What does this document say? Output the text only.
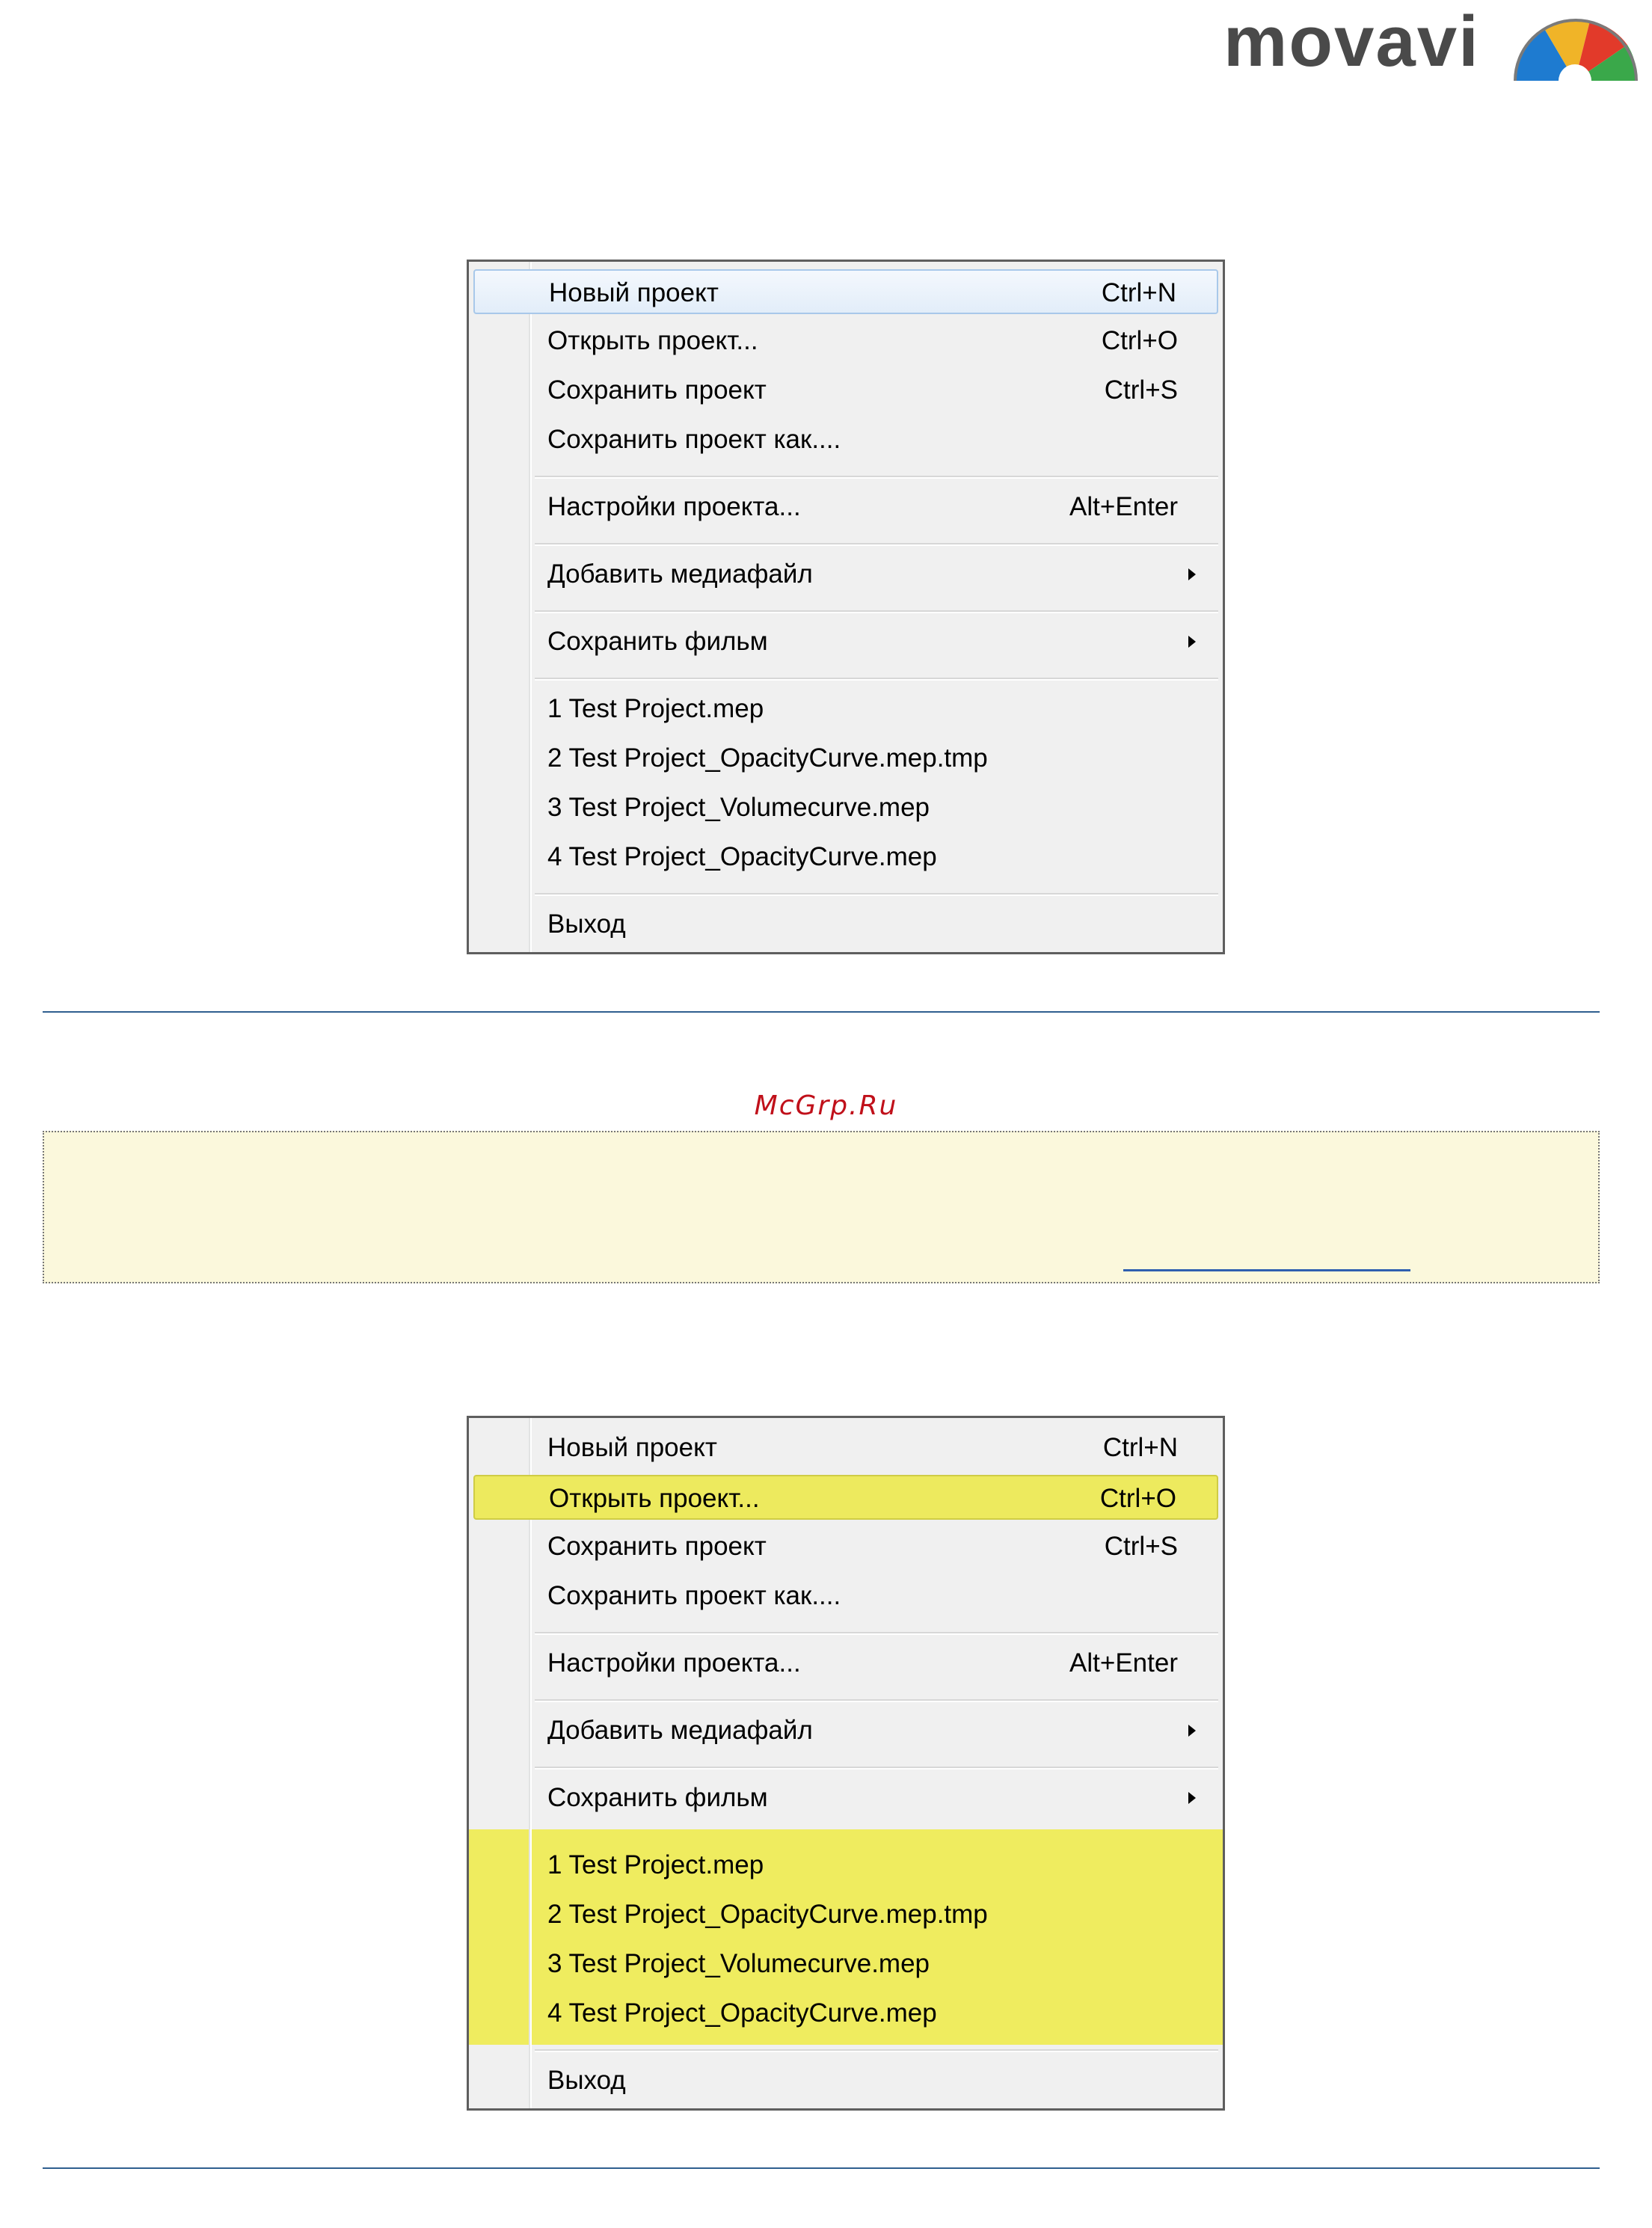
movavi
Новый проект	Ctrl+N
Открыть проект...	Ctrl+O
Сохранить проект	Ctrl+S
Сохранить проект как....
Настройки проекта...	Alt+Enter
Добавить медиафайл
Сохранить фильм
1 Test Project.mep
2 Test Project_OpacityCurve.mep.tmp
3 Test Project_Volumecurve.mep
4 Test Project_OpacityCurve.mep
Выход
McGrp.Ru
Новый проект	Ctrl+N
Открыть проект...	Ctrl+O
Сохранить проект	Ctrl+S
Сохранить проект как....
Настройки проекта...	Alt+Enter
Добавить медиафайл
Сохранить фильм
1 Test Project.mep
2 Test Project_OpacityCurve.mep.tmp
3 Test Project_Volumecurve.mep
4 Test Project_OpacityCurve.mep
Выход
